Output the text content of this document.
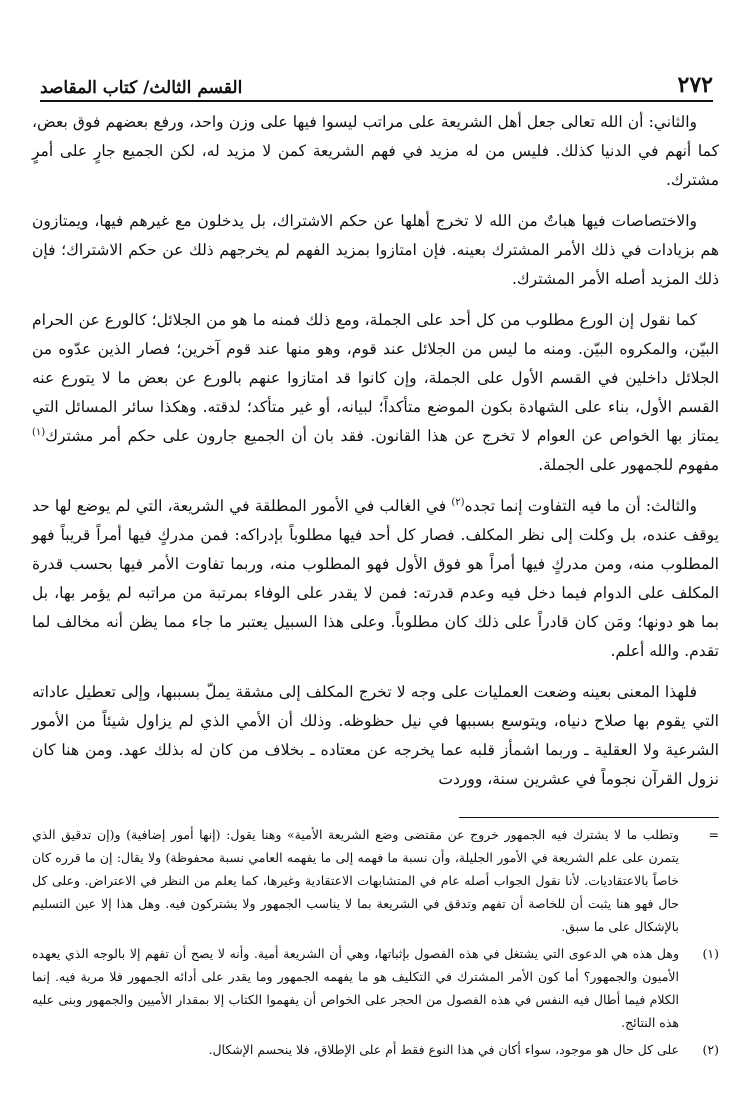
٢٧٢
القسم الثالث/ كتاب المقاصد

والثاني: أن الله تعالى جعل أهل الشريعة على مراتب ليسوا فيها على وزن واحد، ورفع بعضهم فوق بعض، كما أنهم في الدنيا كذلك. فليس من له مزيد في فهم الشريعة كمن لا مزيد له، لكن الجميع جارٍ على أمرٍ مشترك.

والاختصاصات فيها هباتٌ من الله لا تخرج أهلها عن حكم الاشتراك، بل يدخلون مع غيرهم فيها، ويمتازون هم بزيادات في ذلك الأمر المشترك بعينه. فإن امتازوا بمزيد الفهم لم يخرجهم ذلك عن حكم الاشتراك؛ فإن ذلك المزيد أصله الأمر المشترك.

كما نقول إن الورع مطلوب من كل أحد على الجملة، ومع ذلك فمنه ما هو من الجلائل؛ كالورع عن الحرام البيّن، والمكروه البيّن. ومنه ما ليس من الجلائل عند قوم، وهو منها عند قوم آخرين؛ فصار الذين عدّوه من الجلائل داخلين في القسم الأول على الجملة، وإن كانوا قد امتازوا عنهم بالورع عن بعض ما لا يتورع عنه القسم الأول، بناء على الشهادة بكون الموضع متأكداً؛ لبيانه، أو غير متأكد؛ لدقته. وهكذا سائر المسائل التي يمتاز بها الخواص عن العوام لا تخرج عن هذا القانون. فقد بان أن الجميع جارون على حكم أمر مشترك$^{(١)}$ مفهوم للجمهور على الجملة.

والثالث: أن ما فيه التفاوت إنما تجده$^{(٢)}$ في الغالب في الأمور المطلقة في الشريعة، التي لم يوضع لها حد يوقف عنده، بل وكلت إلى نظر المكلف. فصار كل أحد فيها مطلوباً بإدراكه: فمن مدركٍ فيها أمراً قريباً فهو المطلوب منه، ومن مدركٍ فيها أمراً هو فوق الأول فهو المطلوب منه، وربما تفاوت الأمر فيها بحسب قدرة المكلف على الدوام فيما دخل فيه وعدم قدرته: فمن لا يقدر على الوفاء بمرتبة من مراتبه لم يؤمر بها، بل بما هو دونها؛ ومَن كان قادراً على ذلك كان مطلوباً. وعلى هذا السبيل يعتبر ما جاء مما يظن أنه مخالف لما تقدم. والله أعلم.

فلهذا المعنى بعينه وضعت العمليات على وجه لا تخرج المكلف إلى مشقة يملّ بسببها، وإلى تعطيل عاداته التي يقوم بها صلاح دنياه، ويتوسع بسببها في نيل حظوظه. وذلك أن الأمي الذي لم يزاول شيئاً من الأمور الشرعية ولا العقلية ـ وربما اشمأز قلبه عما يخرجه عن معتاده ـ بخلاف من كان له بذلك عهد. ومن هنا كان نزول القرآن نجوماً في عشرين سنة، ووردت

=
وتطلب ما لا يشترك فيه الجمهور خروج عن مقتضى وضع الشريعة الأمية» وهنا يقول: (إنها أمور إضافية) و(إن تدقيق الذي يتمرن على علم الشريعة في الأمور الجليلة، وأن نسبة ما فهمه إلى ما يفهمه العامي نسبة محفوظة) ولا يقال: إن ما قرره كان خاصاً بالاعتقاديات. لأنا نقول الجواب أصله عام في المتشابهات الاعتقادية وغيرها، كما يعلم من النظر في الاعتراض. وعلى كل حال فهو هنا يثبت أن للخاصة أن تفهم وتدقق في الشريعة بما لا يناسب الجمهور ولا يشتركون فيه. وهل هذا إلا عين التسليم بالإشكال على ما سبق.
(١)
وهل هذه هي الدعوى التي يشتغل في هذه الفصول بإثباتها، وهي أن الشريعة أمية. وأنه لا يصح أن تفهم إلا بالوجه الذي يعهده الأميون والجمهور؟ أما كون الأمر المشترك في التكليف هو ما يفهمه الجمهور وما يقدر على أدائه الجمهور فلا مرية فيه. إنما الكلام فيما أطال فيه النفس في هذه الفصول من الحجر على الخواص أن يفهموا الكتاب إلا بمقدار الأميين والجمهور وبنى عليه هذه النتائج.
(٢)
على كل حال هو موجود، سواء أكان في هذا النوع فقط أم على الإطلاق، فلا ينحسم الإشكال.
